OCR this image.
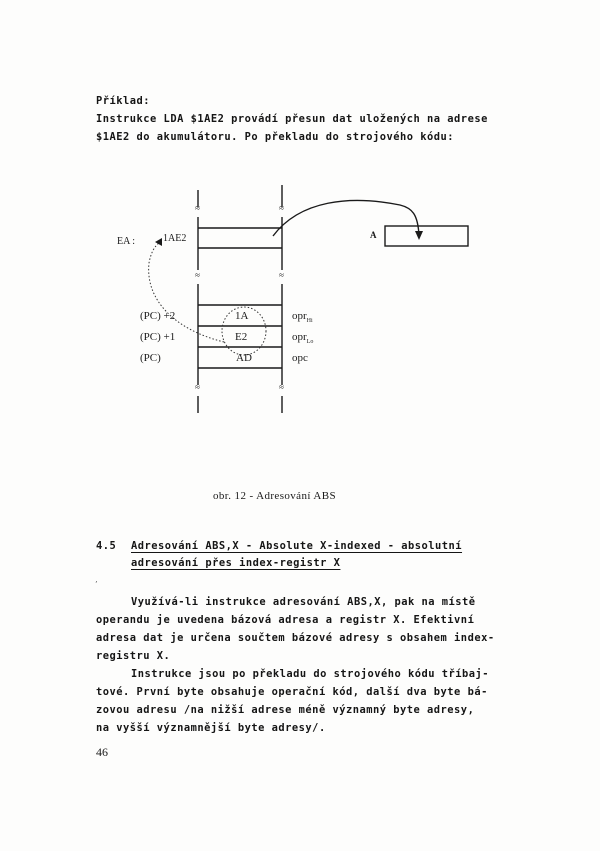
Příklad:

Instrukce LDA $1AE2 provádí přesun dat uložených na adrese

$1AE2 do akumulátoru. Po překladu do strojového kódu:

≈	≈
≈	≈
≈	≈
EA :	1AE2	A
(PC) +2
(PC) +1
(PC)
1A
E2
AD
opr$_{Hi}$
opr$_{Lo}$
opc
obr. 12 - Adresování ABS

4.5 Adresování ABS,X - Absolute X-indexed - absolutní

adresování přes index-registr X

Využívá-li instrukce adresování ABS,X, pak na místě

operandu je uvedena bázová adresa a registr X. Efektivní

adresa dat je určena součtem bázové adresy s obsahem index-

registru X.

Instrukce jsou po překladu do strojového kódu tříbaj-

tové. První byte obsahuje operační kód, další dva byte bá-

zovou adresu /na nižší adrese méně významný byte adresy,

na vyšší významnější byte adresy/.

46
’
